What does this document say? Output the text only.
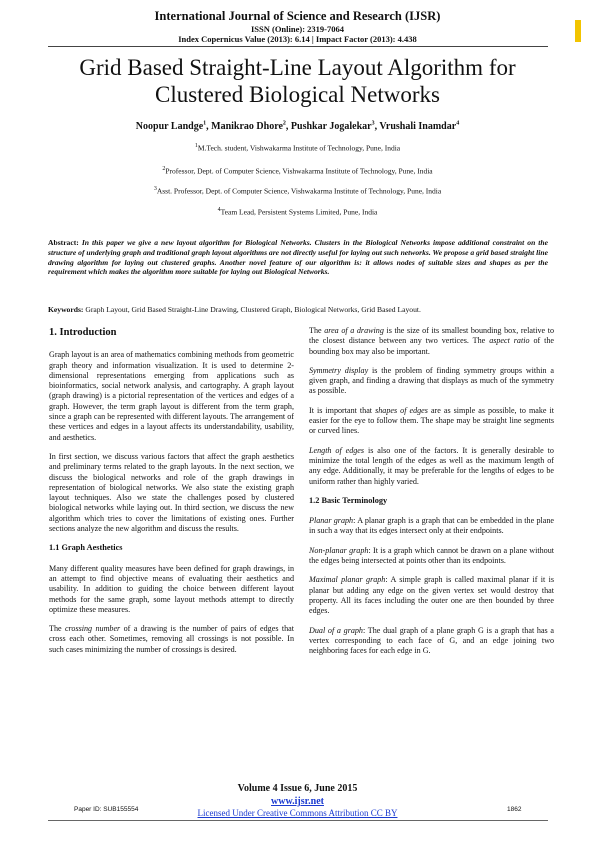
International Journal of Science and Research (IJSR)
ISSN (Online): 2319-7064
Index Copernicus Value (2013): 6.14 | Impact Factor (2013): 4.438
Grid Based Straight-Line Layout Algorithm for
Clustered Biological Networks
Noopur Landge$^1$, Manikrao Dhore$^2$, Pushkar Jogalekar$^3$, Vrushali Inamdar$^4$
$^1$M.Tech. student, Vishwakarma Institute of Technology, Pune, India
$^2$Professor, Dept. of Computer Science, Vishwakarma Institute of Technology, Pune, India
$^3$Asst. Professor, Dept. of Computer Science, Vishwakarma Institute of Technology, Pune, India
$^4$Team Lead, Persistent Systems Limited, Pune, India
Abstract: In this paper we give a new layout algorithm for Biological Networks. Clusters in the Biological Networks impose additional constraint on the structure of underlying graph and traditional graph layout algorithms are not directly useful for laying out such networks. We propose a grid based straight line drawing algorithm for laying out clustered graphs. Another novel feature of our algorithm is: it allows nodes of suitable sizes and shapes as per the requirement which makes the algorithm more suitable for laying out Biological Networks.
Keywords: Graph Layout, Grid Based Straight-Line Drawing, Clustered Graph, Biological Networks, Grid Based Layout.
1. Introduction

Graph layout is an area of mathematics combining methods from geometric graph theory and information visualization. It is used to determine 2-dimensional representations emerging from applications such as bioinformatics, social network analysis, and cartography. A graph layout (graph drawing) is a pictorial representation of the vertices and edges of a graph. However, the term graph layout is different from the term graph, since a graph can be represented with different layouts. The arrangement of these vertices and edges in a layout affects its understandability, usability, and aesthetics.

In first section, we discuss various factors that affect the graph aesthetics and preliminary terms related to the graph layouts. In the next section, we discuss the biological networks and role of the graph drawings in representation of biological networks. We also state the existing graph layout techniques. Also we state the challenges posed by clustered biological networks while laying out. In third section, we discuss the new algorithm which tries to cover the limitations of existing ones. Further sections analyze the new algorithm and discuss the results.

1.1 Graph Aesthetics

Many different quality measures have been defined for graph drawings, in an attempt to find objective means of evaluating their aesthetics and usability. In addition to guiding the choice between different layout methods for the same graph, some layout methods attempt to directly optimize these measures.

The crossing number of a drawing is the number of pairs of edges that cross each other. Sometimes, removing all crossings is not possible. In such cases minimizing the number of crossings is desired.

The area of a drawing is the size of its smallest bounding box, relative to the closest distance between any two vertices. The aspect ratio of the bounding box may also be important.

Symmetry display is the problem of finding symmetry groups within a given graph, and finding a drawing that displays as much of the symmetry as possible.

It is important that shapes of edges are as simple as possible, to make it easier for the eye to follow them. The shape may be straight line segments or curved lines.

Length of edges is also one of the factors. It is generally desirable to minimize the total length of the edges as well as the maximum length of any edge. Additionally, it may be preferable for the lengths of edges to be uniform rather than highly varied.

1.2 Basic Terminology

Planar graph: A planar graph is a graph that can be embedded in the plane in such a way that its edges intersect only at their endpoints.

Non-planar graph: It is a graph which cannot be drawn on a plane without the edges being intersected at points other than its endpoints.

Maximal planar graph: A simple graph is called maximal planar if it is planar but adding any edge on the given vertex set would destroy that property. All its faces including the outer one are then bounded by three edges.

Dual of a graph: The dual graph of a plane graph G is a graph that has a vertex corresponding to each face of G, and an edge joining two neighboring faces for each edge in G.

Volume 4 Issue 6, June 2015
www.ijsr.net
Licensed Under Creative Commons Attribution CC BY
Paper ID: SUB155554	1862
